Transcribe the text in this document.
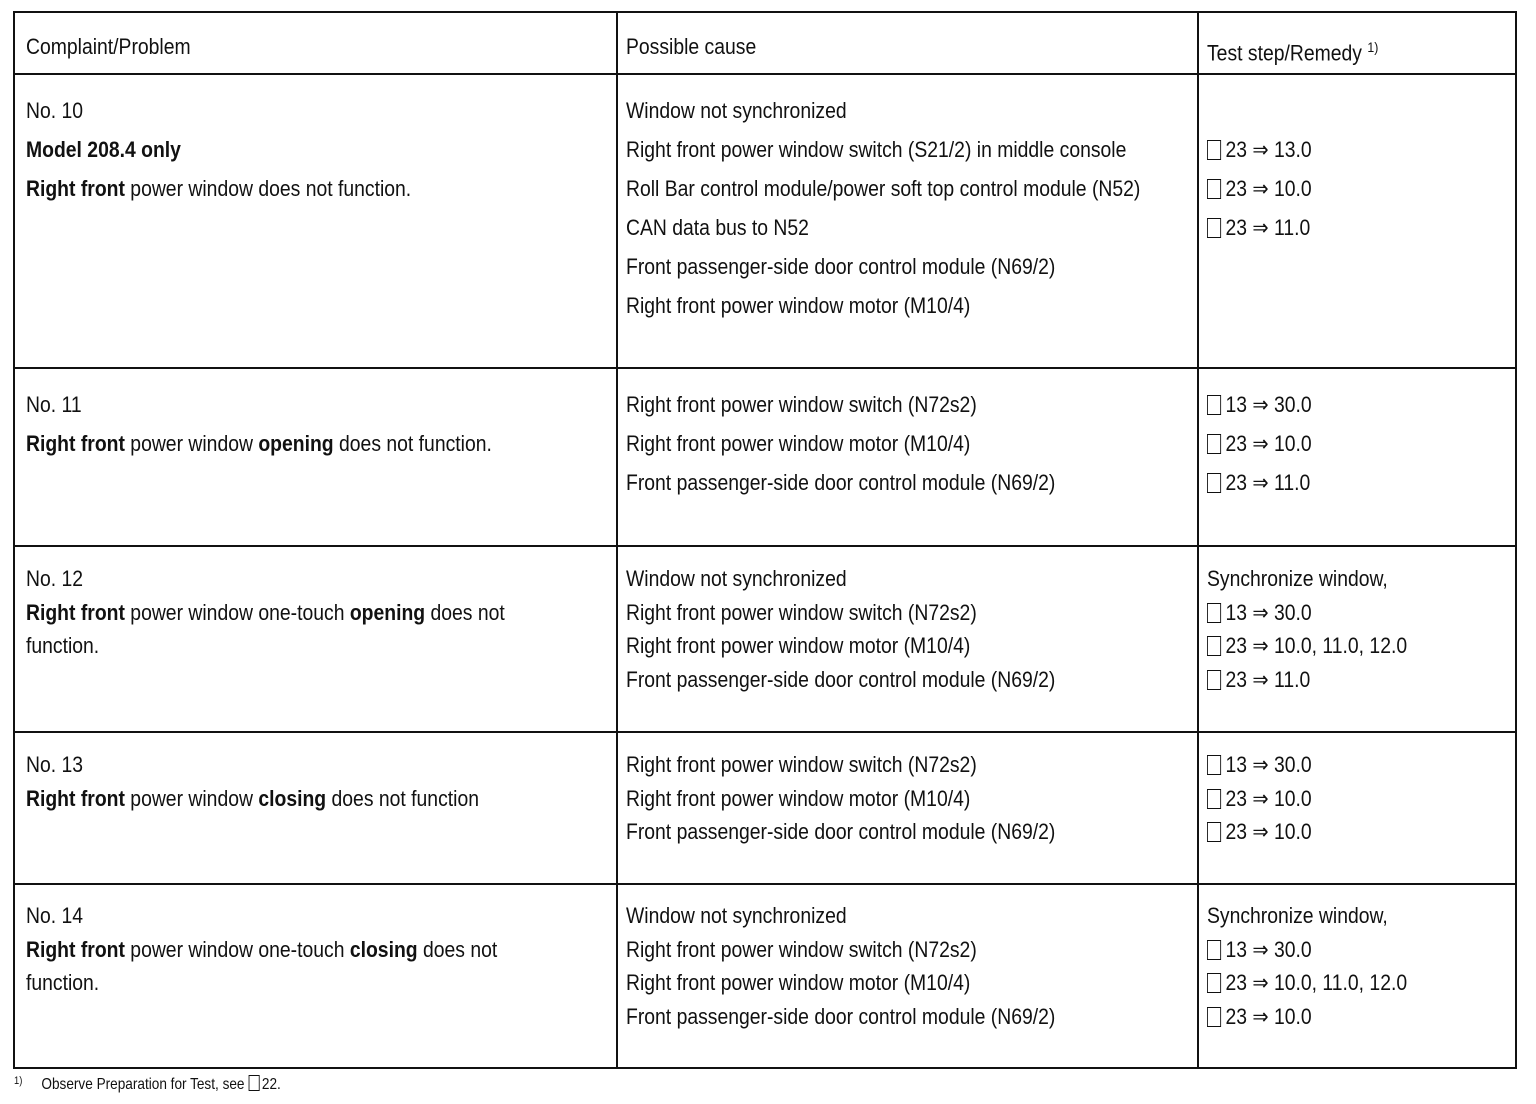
Complaint/Problem	Possible cause	Test step/Remedy $^{1)}$
No. 10
Model 208.4 only
Right front power window does not function.
Window not synchronized
Right front power window switch (S21/2) in middle console
Roll Bar control module/power soft top control module (N52)
CAN data bus to N52
Front passenger-side door control module (N69/2)
Right front power window motor (M10/4)

23 ⇒ 13.0
23 ⇒ 10.0
23 ⇒ 11.0
No. 11
Right front power window opening does not function.
Right front power window switch (N72s2)
Right front power window motor (M10/4)
Front passenger-side door control module (N69/2)
13 ⇒ 30.0
23 ⇒ 10.0
23 ⇒ 11.0
No. 12
Right front power window one-touch opening does not
function.
Window not synchronized
Right front power window switch (N72s2)
Right front power window motor (M10/4)
Front passenger-side door control module (N69/2)
Synchronize window,
13 ⇒ 30.0
23 ⇒ 10.0, 11.0, 12.0
23 ⇒ 11.0
No. 13
Right front power window closing does not function
Right front power window switch (N72s2)
Right front power window motor (M10/4)
Front passenger-side door control module (N69/2)
13 ⇒ 30.0
23 ⇒ 10.0
23 ⇒ 10.0
No. 14
Right front power window one-touch closing does not
function.
Window not synchronized
Right front power window switch (N72s2)
Right front power window motor (M10/4)
Front passenger-side door control module (N69/2)
Synchronize window,
13 ⇒ 30.0
23 ⇒ 10.0, 11.0, 12.0
23 ⇒ 10.0
$^{1)}$ Observe Preparation for Test, see 22.
